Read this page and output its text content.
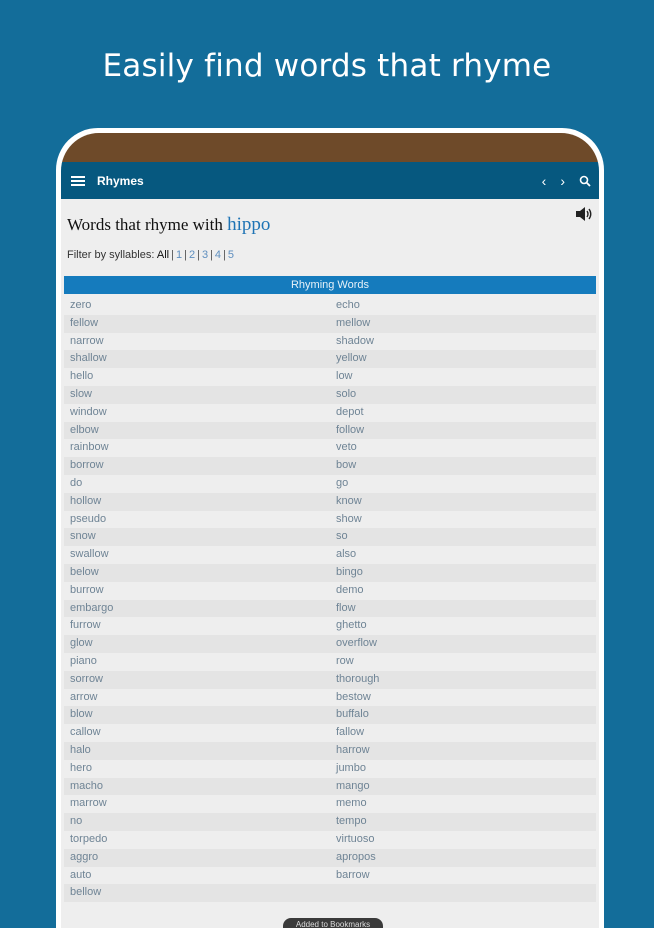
Easily find words that rhyme
Rhymes	‹ ›
Words that rhyme with hippo
Filter by syllables: All | 1 | 2 | 3 | 4 | 5
Rhyming Words
zero	echo
fellow	mellow
narrow	shadow
shallow	yellow
hello	low
slow	solo
window	depot
elbow	follow
rainbow	veto
borrow	bow
do	go
hollow	know
pseudo	show
snow	so
swallow	also
below	bingo
burrow	demo
embargo	flow
furrow	ghetto
glow	overflow
piano	row
sorrow	thorough
arrow	bestow
blow	buffalo
callow	fallow
halo	harrow
hero	jumbo
macho	mango
marrow	memo
no	tempo
torpedo	virtuoso
aggro	apropos
auto	barrow
bellow
Added to Bookmarks
